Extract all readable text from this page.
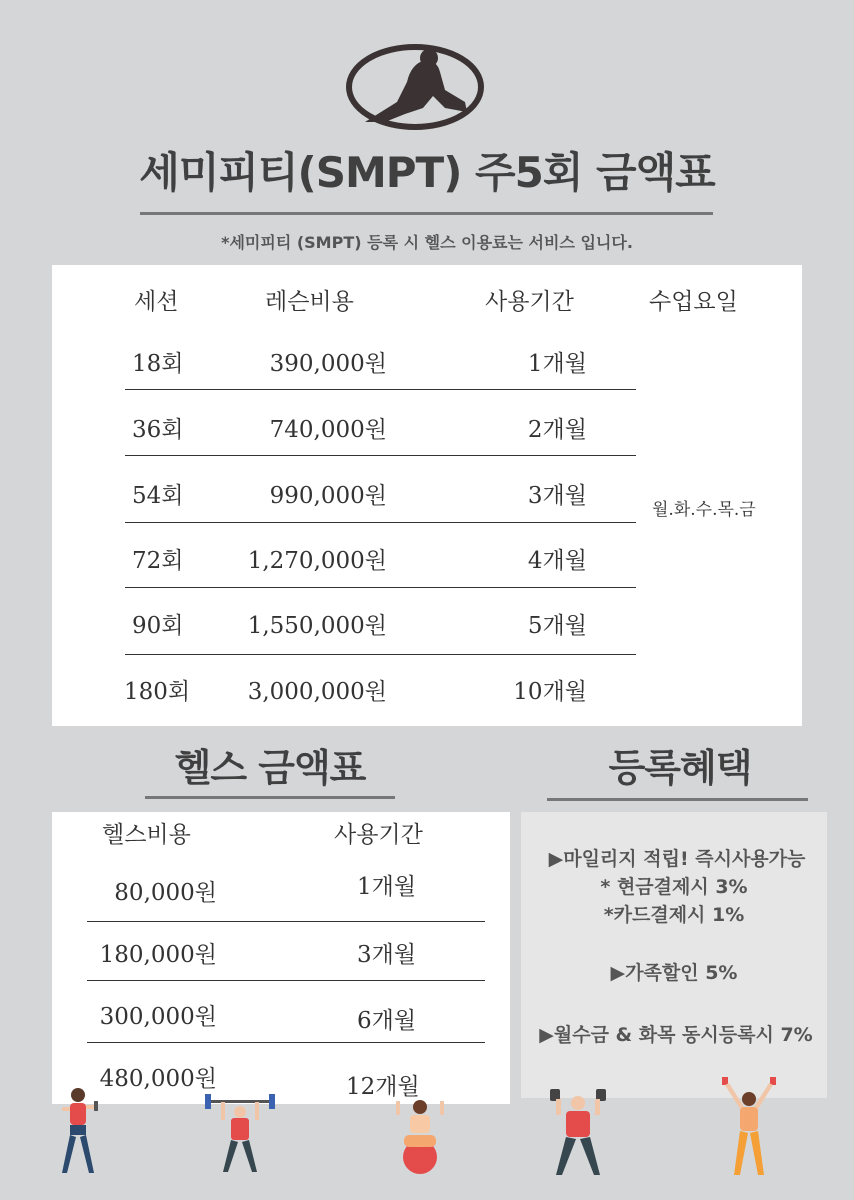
세미피티(SMPT) 주5회 금액표
*세미피티 (SMPT) 등록 시 헬스 이용료는 서비스 입니다.
세션	레슨비용	사용기간	수업요일
18회	390,000원	1개월
36회	740,000원	2개월
54회	990,000원	3개월
72회	1,270,000원	4개월
90회	1,550,000원	5개월
180회	3,000,000원	10개월
월.화.수.목.금
헬스 금액표	등록혜택
헬스비용	사용기간
80,000원	1개월
180,000원	3개월
300,000원	6개월
480,000원	12개월
▶마일리지 적립! 즉시사용가능
* 현금결제시 3%
*카드결제시 1%
▶가족할인 5%
▶월수금 & 화목 동시등록시 7%
